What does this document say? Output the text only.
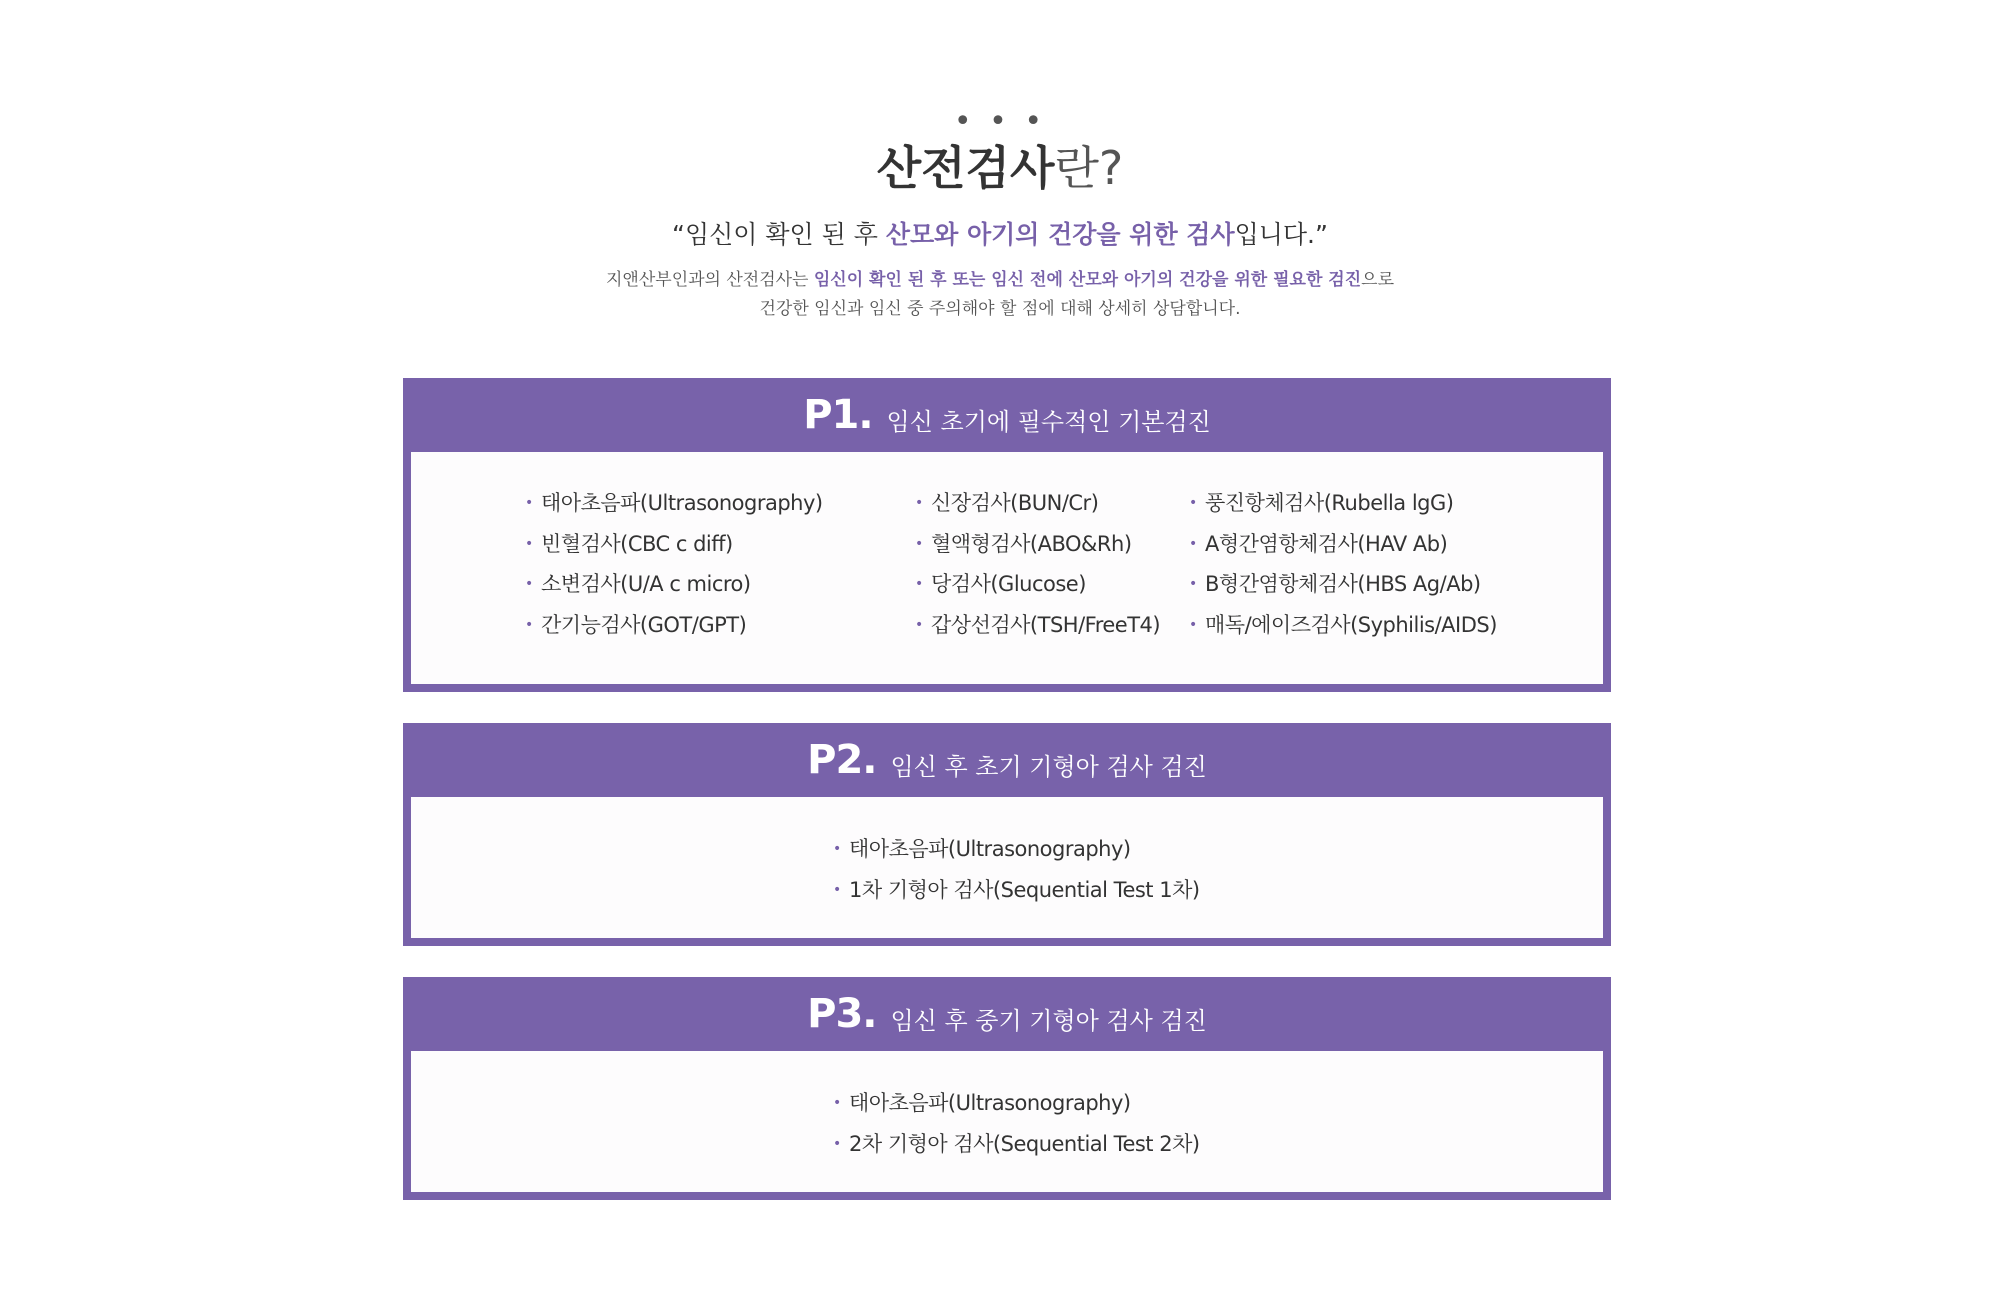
• • •
산전검사란?
“임신이 확인 된 후 산모와 아기의 건강을 위한 검사입니다.”
지앤산부인과의 산전검사는 임신이 확인 된 후 또는 임신 전에 산모와 아기의 건강을 위한 필요한 검진으로
건강한 임신과 임신 중 주의해야 할 점에 대해 상세히 상담합니다.
P1. 임신 초기에 필수적인 기본검진
• 태아초음파(Ultrasonography)
• 빈혈검사(CBC c diff)
• 소변검사(U/A c micro)
• 간기능검사(GOT/GPT)
• 신장검사(BUN/Cr)
• 혈액형검사(ABO&Rh)
• 당검사(Glucose)
• 갑상선검사(TSH/FreeT4)
• 풍진항체검사(Rubella lgG)
• A형간염항체검사(HAV Ab)
• B형간염항체검사(HBS Ag/Ab)
• 매독/에이즈검사(Syphilis/AIDS)
P2. 임신 후 초기 기형아 검사 검진
• 태아초음파(Ultrasonography)
• 1차 기형아 검사(Sequential Test 1차)
P3. 임신 후 중기 기형아 검사 검진
• 태아초음파(Ultrasonography)
• 2차 기형아 검사(Sequential Test 2차)
